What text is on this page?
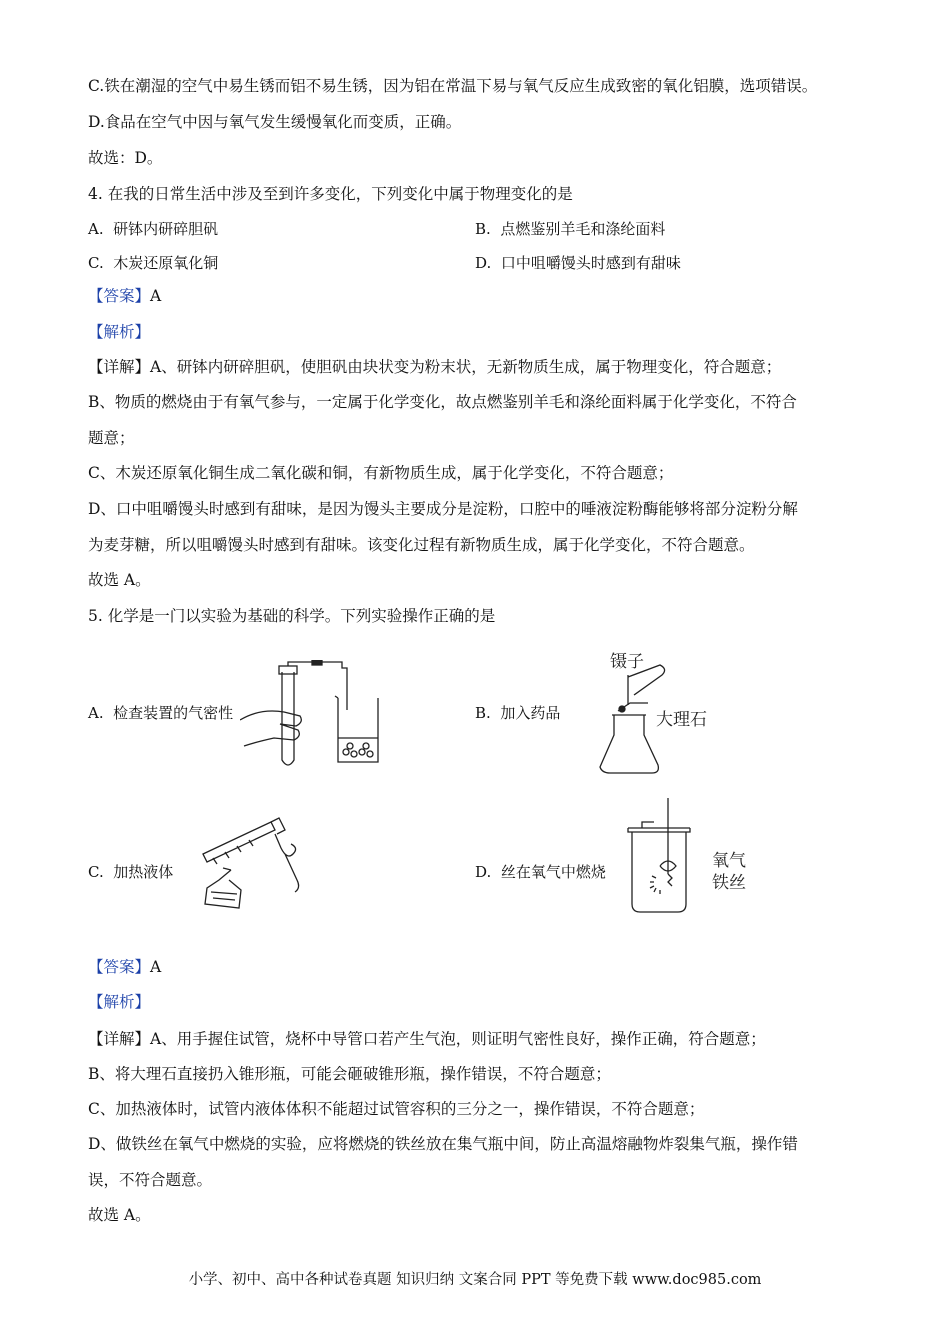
C.铁在潮湿的空气中易生锈而铝不易生锈，因为铝在常温下易与氧气反应生成致密的氧化铝膜，选项错误。
D.食品在空气中因与氧气发生缓慢氧化而变质，正确。
故选：D。
4. 在我的日常生活中涉及至到许多变化，下列变化中属于物理变化的是
A. 研钵内研碎胆矾	B. 点燃鉴别羊毛和涤纶面料
C. 木炭还原氧化铜	D. 口中咀嚼馒头时感到有甜味
【答案】A
【解析】
【详解】A、研钵内研碎胆矾，使胆矾由块状变为粉末状，无新物质生成，属于物理变化，符合题意；
B、物质的燃烧由于有氧气参与，一定属于化学变化，故点燃鉴别羊毛和涤纶面料属于化学变化，不符合
题意；
C、木炭还原氧化铜生成二氧化碳和铜，有新物质生成，属于化学变化，不符合题意；
D、口中咀嚼馒头时感到有甜味，是因为馒头主要成分是淀粉，口腔中的唾液淀粉酶能够将部分淀粉分解
为麦芽糖，所以咀嚼馒头时感到有甜味。该变化过程有新物质生成，属于化学变化，不符合题意。
故选 A。
5. 化学是一门以实验为基础的科学。下列实验操作正确的是
A. 检查装置的气密性	B. 加入药品
C. 加热液体	D. 丝在氧气中燃烧
镊子
大理石
氧气
铁丝
【答案】A
【解析】
【详解】A、用手握住试管，烧杯中导管口若产生气泡，则证明气密性良好，操作正确，符合题意；
B、将大理石直接扔入锥形瓶，可能会砸破锥形瓶，操作错误，不符合题意；
C、加热液体时，试管内液体体积不能超过试管容积的三分之一，操作错误，不符合题意；
D、做铁丝在氧气中燃烧的实验，应将燃烧的铁丝放在集气瓶中间，防止高温熔融物炸裂集气瓶，操作错
误，不符合题意。
故选 A。
小学、初中、高中各种试卷真题 知识归纳 文案合同 PPT 等免费下载 www.doc985.com
